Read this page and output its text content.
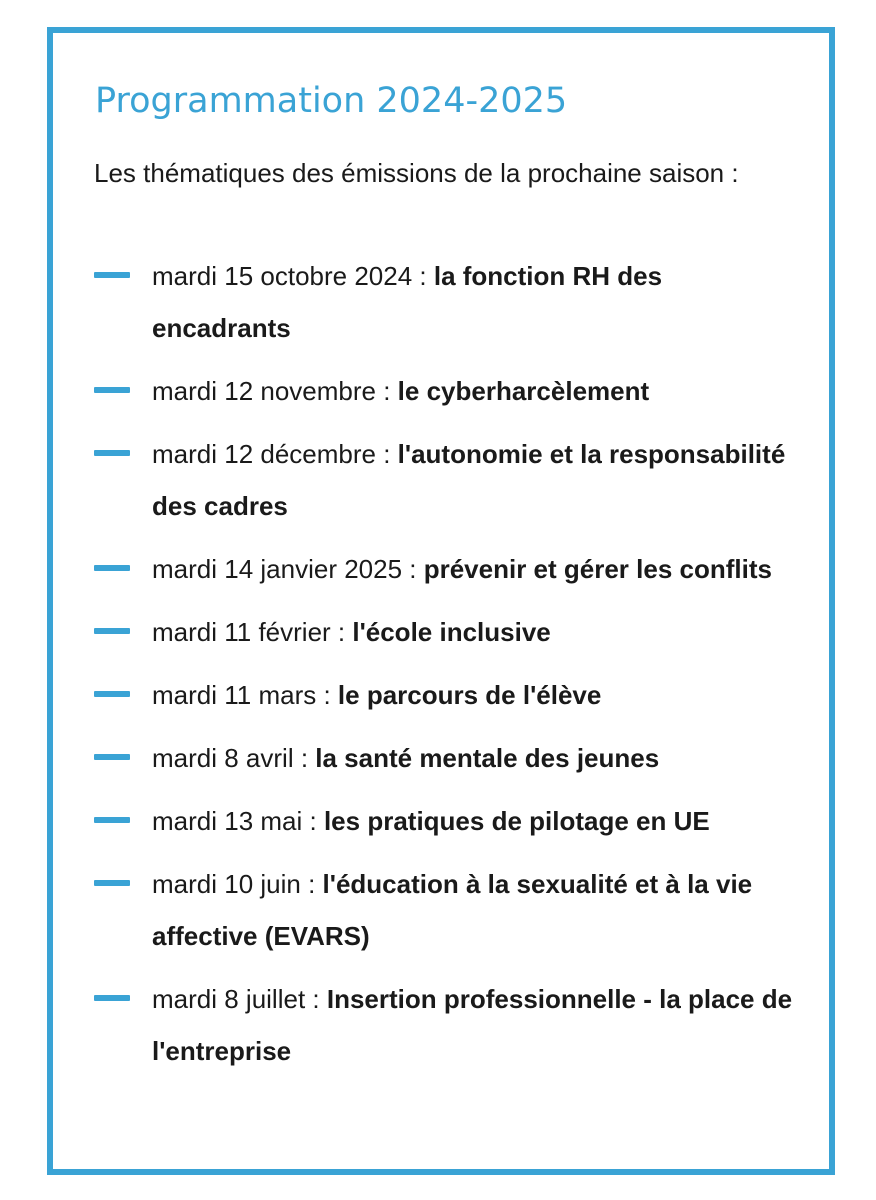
Programmation 2024-2025

Les thématiques des émissions de la prochaine saison :

mardi 15 octobre 2024 : la fonction RH des encadrants
mardi 12 novembre : le cyberharcèlement
mardi 12 décembre : l'autonomie et la responsabilité des cadres
mardi 14 janvier 2025 : prévenir et gérer les conflits
mardi 11 février : l'école inclusive
mardi 11 mars : le parcours de l'élève
mardi 8 avril : la santé mentale des jeunes
mardi 13 mai : les pratiques de pilotage en UE
mardi 10 juin : l'éducation à la sexualité et à la vie affective (EVARS)
mardi 8 juillet : Insertion professionnelle - la place de l'entreprise
